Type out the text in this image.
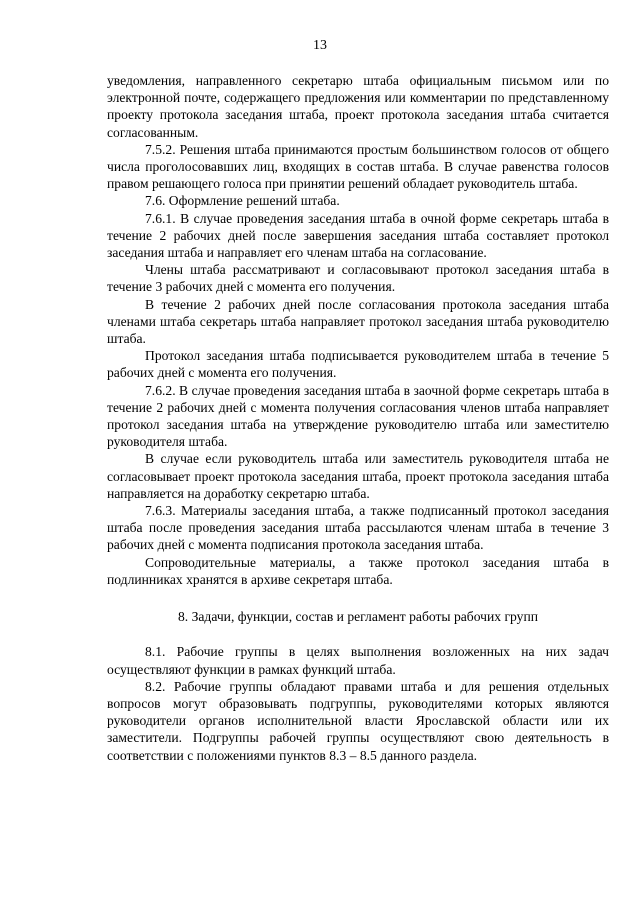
13

уведомления, направленного секретарю штаба официальным письмом или по электронной почте, содержащего предложения или комментарии по представленному проекту протокола заседания штаба, проект протокола заседания штаба считается согласованным.

7.5.2. Решения штаба принимаются простым большинством голосов от общего числа проголосовавших лиц, входящих в состав штаба. В случае равенства голосов правом решающего голоса при принятии решений обладает руководитель штаба.

7.6. Оформление решений штаба.

7.6.1. В случае проведения заседания штаба в очной форме секретарь штаба в течение 2 рабочих дней после завершения заседания штаба составляет протокол заседания штаба и направляет его членам штаба на согласование.

Члены штаба рассматривают и согласовывают протокол заседания штаба в течение 3 рабочих дней с момента его получения.

В течение 2 рабочих дней после согласования протокола заседания штаба членами штаба секретарь штаба направляет протокол заседания штаба руководителю штаба.

Протокол заседания штаба подписывается руководителем штаба в течение 5 рабочих дней с момента его получения.

7.6.2. В случае проведения заседания штаба в заочной форме секретарь штаба в течение 2 рабочих дней с момента получения согласования членов штаба направляет протокол заседания штаба на утверждение руководителю штаба или заместителю руководителя штаба.

В случае если руководитель штаба или заместитель руководителя штаба не согласовывает проект протокола заседания штаба, проект протокола заседания штаба направляется на доработку секретарю штаба.

7.6.3. Материалы заседания штаба, а также подписанный протокол заседания штаба после проведения заседания штаба рассылаются членам штаба в течение 3 рабочих дней с момента подписания протокола заседания штаба.

Сопроводительные материалы, а также протокол заседания штаба в подлинниках хранятся в архиве секретаря штаба.

8. Задачи, функции, состав и регламент работы рабочих групп

8.1. Рабочие группы в целях выполнения возложенных на них задач осуществляют функции в рамках функций штаба.

8.2. Рабочие группы обладают правами штаба и для решения отдельных вопросов могут образовывать подгруппы, руководителями которых являются руководители органов исполнительной власти Ярославской области или их заместители. Подгруппы рабочей группы осуществляют свою деятельность в соответствии с положениями пунктов 8.3 – 8.5 данного раздела.
